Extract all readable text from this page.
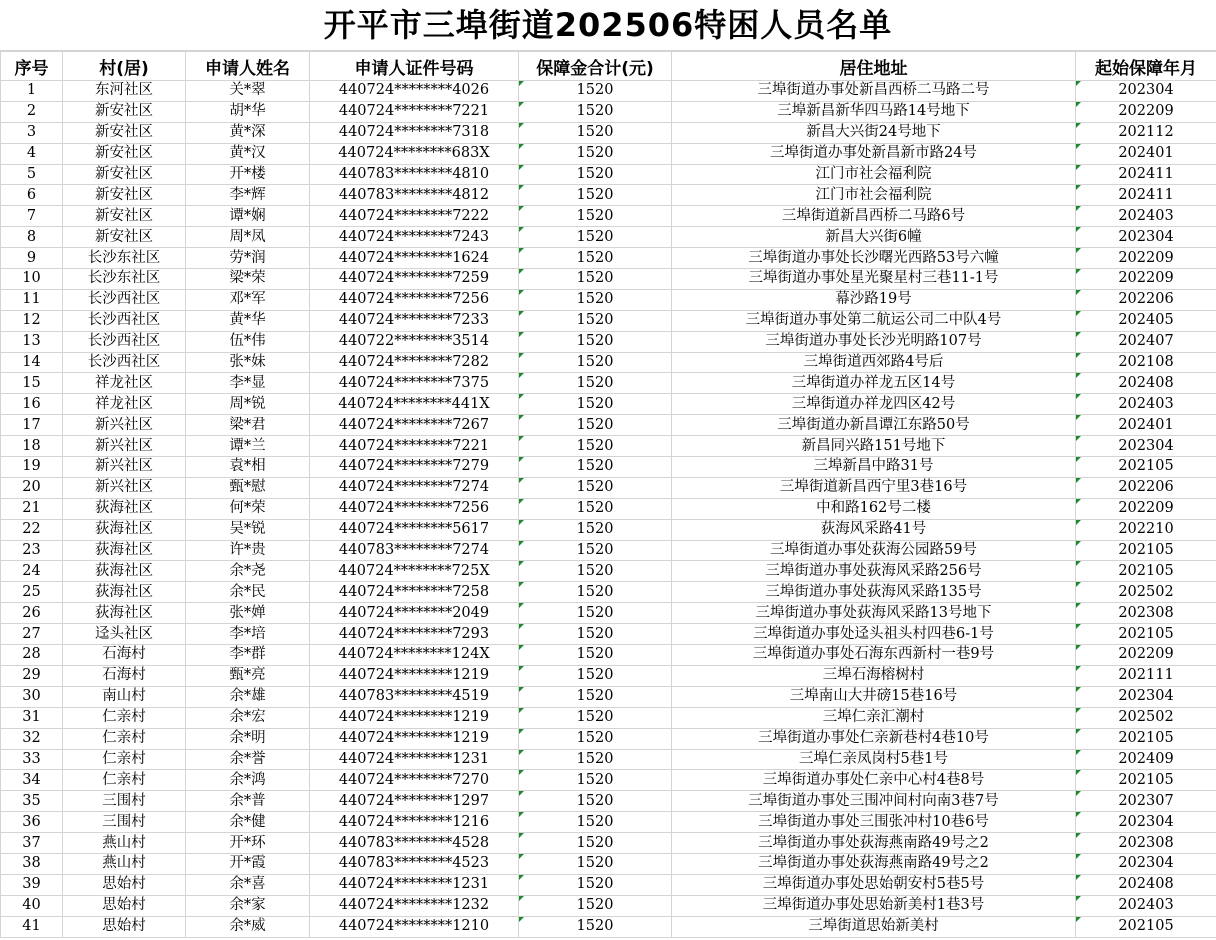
开平市三埠街道202506特困人员名单
序号	村(居)	申请人姓名	申请人证件号码	保障金合计(元)	居住地址	起始保障年月
1	东河社区	关*翠	440724********4026	1520	三埠街道办事处新昌西桥二马路二号	202304
2	新安社区	胡*华	440724********7221	1520	三埠新昌新华四马路14号地下	202209
3	新安社区	黄*深	440724********7318	1520	新昌大兴街24号地下	202112
4	新安社区	黄*汉	440724********683X	1520	三埠街道办事处新昌新市路24号	202401
5	新安社区	开*楼	440783********4810	1520	江门市社会福利院	202411
6	新安社区	李*辉	440783********4812	1520	江门市社会福利院	202411
7	新安社区	谭*娴	440724********7222	1520	三埠街道新昌西桥二马路6号	202403
8	新安社区	周*凤	440724********7243	1520	新昌大兴街6幢	202304
9	长沙东社区	劳*润	440724********1624	1520	三埠街道办事处长沙曙光西路53号六幢	202209
10	长沙东社区	梁*荣	440724********7259	1520	三埠街道办事处星光聚星村三巷11-1号	202209
11	长沙西社区	邓*军	440724********7256	1520	幕沙路19号	202206
12	长沙西社区	黄*华	440724********7233	1520	三埠街道办事处第二航运公司二中队4号	202405
13	长沙西社区	伍*伟	440722********3514	1520	三埠街道办事处长沙光明路107号	202407
14	长沙西社区	张*妹	440724********7282	1520	三埠街道西郊路4号后	202108
15	祥龙社区	李*显	440724********7375	1520	三埠街道办祥龙五区14号	202408
16	祥龙社区	周*锐	440724********441X	1520	三埠街道办祥龙四区42号	202403
17	新兴社区	梁*君	440724********7267	1520	三埠街道办新昌谭江东路50号	202401
18	新兴社区	谭*兰	440724********7221	1520	新昌同兴路151号地下	202304
19	新兴社区	袁*相	440724********7279	1520	三埠新昌中路31号	202105
20	新兴社区	甄*慰	440724********7274	1520	三埠街道新昌西宁里3巷16号	202206
21	荻海社区	何*荣	440724********7256	1520	中和路162号二楼	202209
22	荻海社区	吴*锐	440724********5617	1520	荻海风采路41号	202210
23	荻海社区	许*贵	440783********7274	1520	三埠街道办事处荻海公园路59号	202105
24	荻海社区	余*尧	440724********725X	1520	三埠街道办事处荻海风采路256号	202105
25	荻海社区	余*民	440724********7258	1520	三埠街道办事处荻海风采路135号	202502
26	荻海社区	张*婵	440724********2049	1520	三埠街道办事处荻海风采路13号地下	202308
27	迳头社区	李*培	440724********7293	1520	三埠街道办事处迳头祖头村四巷6-1号	202105
28	石海村	李*群	440724********124X	1520	三埠街道办事处石海东西新村一巷9号	202209
29	石海村	甄*亮	440724********1219	1520	三埠石海榕树村	202111
30	南山村	余*雄	440783********4519	1520	三埠南山大井磅15巷16号	202304
31	仁亲村	余*宏	440724********1219	1520	三埠仁亲汇潮村	202502
32	仁亲村	余*明	440724********1219	1520	三埠街道办事处仁亲新巷村4巷10号	202105
33	仁亲村	余*誉	440724********1231	1520	三埠仁亲凤岗村5巷1号	202409
34	仁亲村	余*鸿	440724********7270	1520	三埠街道办事处仁亲中心村4巷8号	202105
35	三围村	余*普	440724********1297	1520	三埠街道办事处三围冲间村向南3巷7号	202307
36	三围村	余*健	440724********1216	1520	三埠街道办事处三围张冲村10巷6号	202304
37	燕山村	开*环	440783********4528	1520	三埠街道办事处荻海燕南路49号之2	202308
38	燕山村	开*霞	440783********4523	1520	三埠街道办事处荻海燕南路49号之2	202304
39	思始村	余*喜	440724********1231	1520	三埠街道办事处思始朝安村5巷5号	202408
40	思始村	余*家	440724********1232	1520	三埠街道办事处思始新美村1巷3号	202403
41	思始村	余*威	440724********1210	1520	三埠街道思始新美村	202105
